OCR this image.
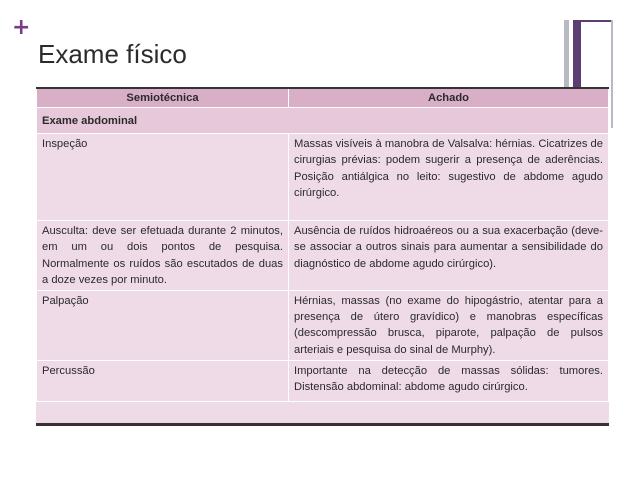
+
Exame físico
Semiotécnica	Achado
Exame abdominal	
Inspeção	Massas visíveis à manobra de Valsalva: hérnias. Cicatrizes de cirurgias prévias: podem sugerir a presença de aderências. Posição antiálgica no leito: sugestivo de abdome agudo cirúrgico.
Ausculta: deve ser efetuada durante 2 minutos, em um ou dois pontos de pesquisa. Normalmente os ruídos são escutados de duas a doze vezes por minuto.	Ausência de ruídos hidroaéreos ou a sua exacerbação (deve-se associar a outros sinais para aumentar a sensibilidade do diagnóstico de abdome agudo cirúrgico).
Palpação	Hérnias, massas (no exame do hipogástrio, atentar para a presença de útero gravídico) e manobras específicas (descompressão brusca, piparote, palpação de pulsos arteriais e pesquisa do sinal de Murphy).
Percussão	Importante na detecção de massas sólidas: tumores. Distensão abdominal: abdome agudo cirúrgico.
